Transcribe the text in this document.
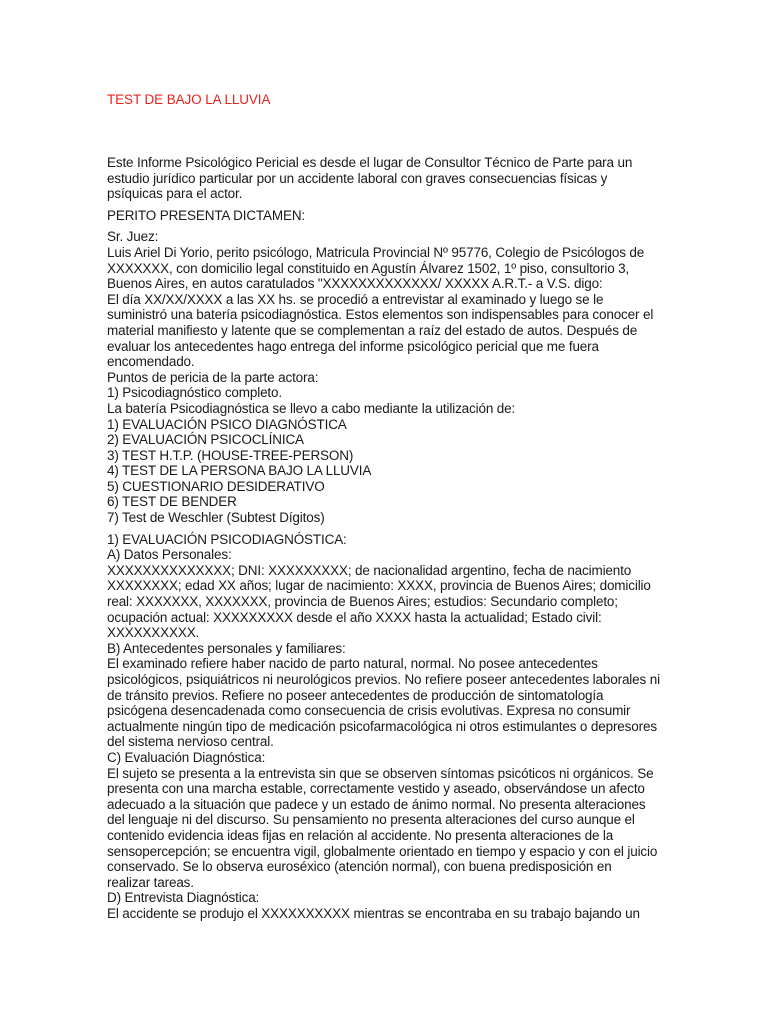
TEST DE BAJO LA LLUVIA
Este Informe Psicológico Pericial es desde el lugar de Consultor Técnico de Parte para un
estudio jurídico particular por un accidente laboral con graves consecuencias físicas y
psíquicas para el actor.
PERITO PRESENTA DICTAMEN:
Sr. Juez:
Luis Ariel Di Yorio, perito psicólogo, Matricula Provincial Nº 95776, Colegio de Psicólogos de
XXXXXXX, con domicilio legal constituido en Agustín Álvarez 1502, 1º piso, consultorio 3,
Buenos Aires, en autos caratulados "XXXXXXXXXXXXX/ XXXXX A.R.T.- a V.S. digo:
El día XX/XX/XXXX a las XX hs. se procedió a entrevistar al examinado y luego se le
suministró una batería psicodiagnóstica. Estos elementos son indispensables para conocer el
material manifiesto y latente que se complementan a raíz del estado de autos. Después de
evaluar los antecedentes hago entrega del informe psicológico pericial que me fuera
encomendado.
Puntos de pericia de la parte actora:
1) Psicodiagnóstico completo.
La batería Psicodiagnóstica se llevo a cabo mediante la utilización de:
1) EVALUACIÓN PSICO DIAGNÓSTICA
2) EVALUACIÓN PSICOCLÍNICA
3) TEST H.T.P. (HOUSE-TREE-PERSON)
4) TEST DE LA PERSONA BAJO LA LLUVIA
5) CUESTIONARIO DESIDERATIVO
6) TEST DE BENDER
7) Test de Weschler (Subtest Dígitos)
1) EVALUACIÓN PSICODIAGNÓSTICA:
A) Datos Personales:
XXXXXXXXXXXXXX; DNI: XXXXXXXXX; de nacionalidad argentino, fecha de nacimiento
XXXXXXXX; edad XX años; lugar de nacimiento: XXXX, provincia de Buenos Aires; domicilio
real: XXXXXXX, XXXXXXX, provincia de Buenos Aires; estudios: Secundario completo;
ocupación actual: XXXXXXXXX desde el año XXXX hasta la actualidad; Estado civil:
XXXXXXXXXX.
B) Antecedentes personales y familiares:
El examinado refiere haber nacido de parto natural, normal. No posee antecedentes
psicológicos, psiquiátricos ni neurológicos previos. No refiere poseer antecedentes laborales ni
de tránsito previos. Refiere no poseer antecedentes de producción de sintomatología
psicógena desencadenada como consecuencia de crisis evolutivas. Expresa no consumir
actualmente ningún tipo de medicación psicofarmacológica ni otros estimulantes o depresores
del sistema nervioso central.
C) Evaluación Diagnóstica:
El sujeto se presenta a la entrevista sin que se observen síntomas psicóticos ni orgánicos. Se
presenta con una marcha estable, correctamente vestido y aseado, observándose un afecto
adecuado a la situación que padece y un estado de ánimo normal. No presenta alteraciones
del lenguaje ni del discurso. Su pensamiento no presenta alteraciones del curso aunque el
contenido evidencia ideas fijas en relación al accidente. No presenta alteraciones de la
sensopercepción; se encuentra vigil, globalmente orientado en tiempo y espacio y con el juicio
conservado. Se lo observa euroséxico (atención normal), con buena predisposición en
realizar tareas.
D) Entrevista Diagnóstica:
El accidente se produjo el XXXXXXXXXX mientras se encontraba en su trabajo bajando un
